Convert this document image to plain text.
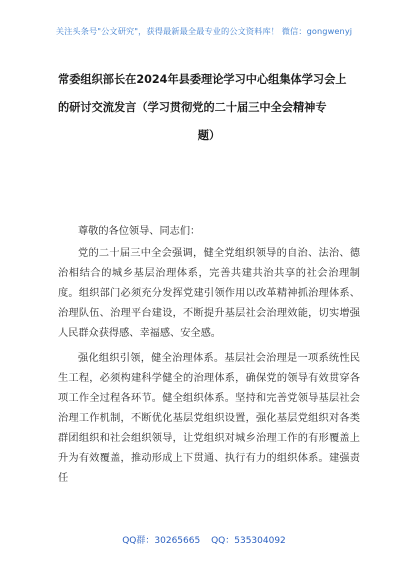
关注头条号"公文研究"，获得最新最全最专业的公文资料库！ 微信：gongwenyj
常委组织部长在2024年县委理论学习中心组集体学习会上
的研讨交流发言（学习贯彻党的二十届三中全会精神专
题）
尊敬的各位领导、同志们：

党的二十届三中全会强调，健全党组织领导的自治、法治、德治相结合的城乡基层治理体系，完善共建共治共享的社会治理制度。组织部门必须充分发挥党建引领作用以改革精神抓治理体系、治理队伍、治理平台建设，不断提升基层社会治理效能，切实增强人民群众获得感、幸福感、安全感。

强化组织引领，健全治理体系。基层社会治理是一项系统性民生工程，必须构建科学健全的治理体系，确保党的领导有效贯穿各项工作全过程各环节。健全组织体系。坚持和完善党领导基层社会治理工作机制，不断优化基层党组织设置，强化基层党组织对各类群团组织和社会组织领导，让党组织对城乡治理工作的有形覆盖上升为有效覆盖，推动形成上下贯通、执行有力的组织体系。建强责任

QQ群：30265665 QQ：535304092
